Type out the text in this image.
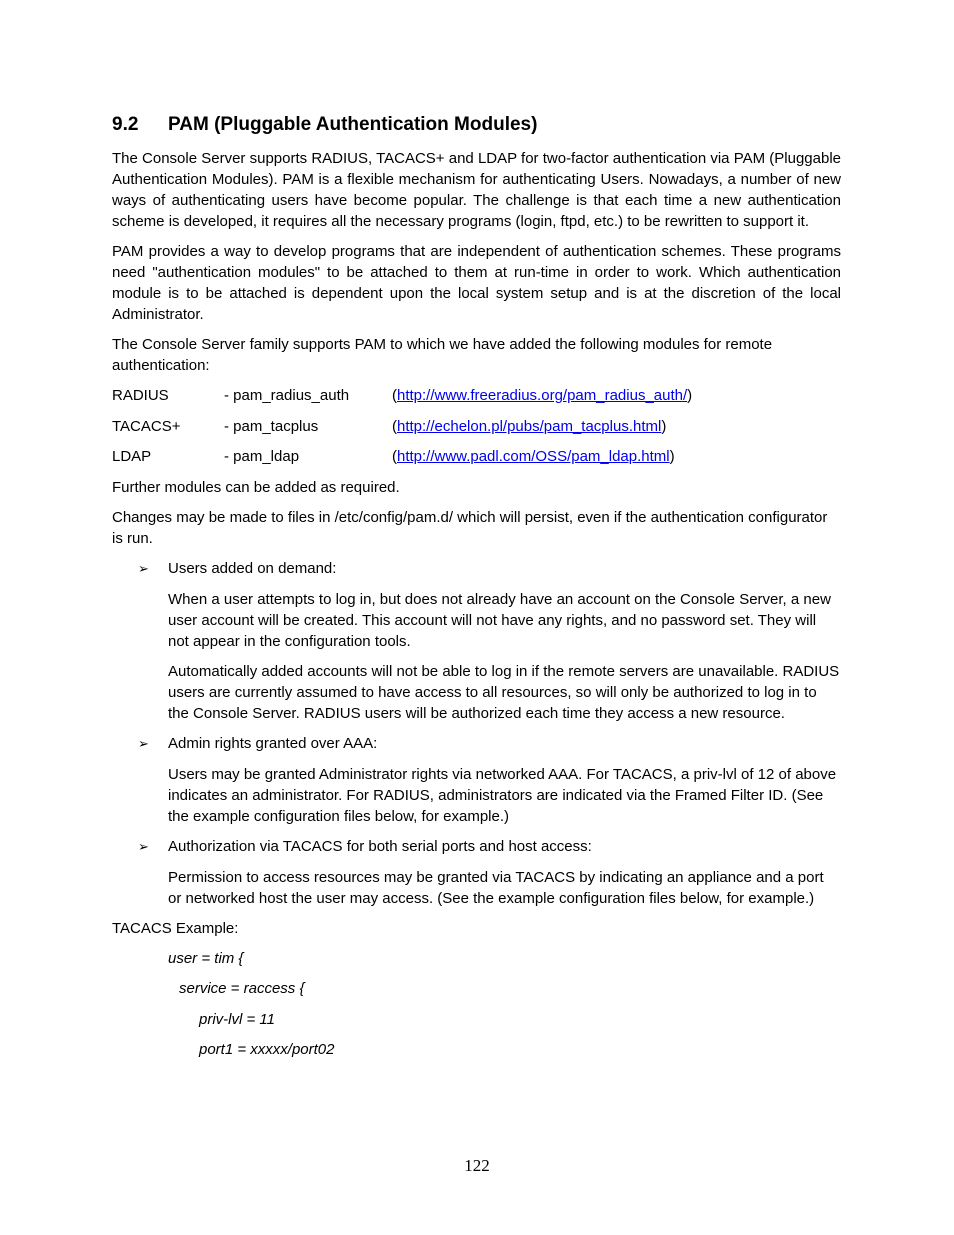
9.2	PAM (Pluggable Authentication Modules)

The Console Server supports RADIUS, TACACS+ and LDAP for two-factor authentication via PAM (Pluggable Authentication Modules). PAM is a flexible mechanism for authenticating Users. Nowadays, a number of new ways of authenticating users have become popular. The challenge is that each time a new authentication scheme is developed, it requires all the necessary programs (login, ftpd, etc.) to be rewritten to support it.

PAM provides a way to develop programs that are independent of authentication schemes. These programs need "authentication modules" to be attached to them at run-time in order to work. Which authentication module is to be attached is dependent upon the local system setup and is at the discretion of the local Administrator.

The Console Server family supports PAM to which we have added the following modules for remote authentication:

RADIUS	- pam_radius_auth	(http://www.freeradius.org/pam_radius_auth/)
TACACS+	- pam_tacplus	(http://echelon.pl/pubs/pam_tacplus.html)
LDAP	- pam_ldap	(http://www.padl.com/OSS/pam_ldap.html)

Further modules can be added as required.

Changes may be made to files in /etc/config/pam.d/ which will persist, even if the authentication configurator is run.

➢ Users added on demand:

When a user attempts to log in, but does not already have an account on the Console Server, a new user account will be created. This account will not have any rights, and no password set. They will not appear in the configuration tools.

Automatically added accounts will not be able to log in if the remote servers are unavailable. RADIUS users are currently assumed to have access to all resources, so will only be authorized to log in to the Console Server. RADIUS users will be authorized each time they access a new resource.

➢ Admin rights granted over AAA:

Users may be granted Administrator rights via networked AAA. For TACACS, a priv-lvl of 12 of above indicates an administrator. For RADIUS, administrators are indicated via the Framed Filter ID. (See the example configuration files below, for example.)

➢ Authorization via TACACS for both serial ports and host access:

Permission to access resources may be granted via TACACS by indicating an appliance and a port or networked host the user may access. (See the example configuration files below, for example.)

TACACS Example:

user = tim {
service = raccess {
priv-lvl = 11
port1 = xxxxx/port02
122
